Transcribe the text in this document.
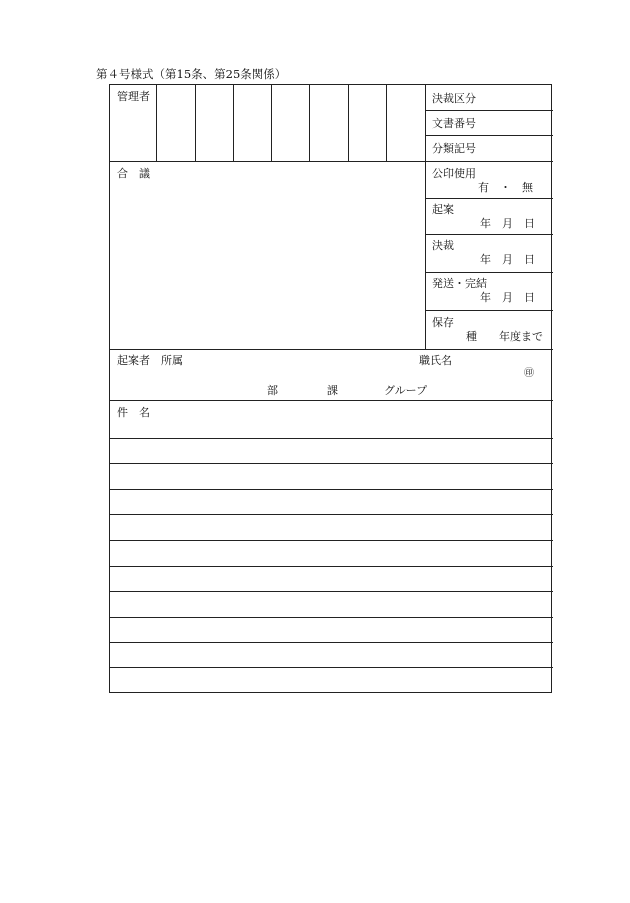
第４号様式（第15条、第25条関係）
管理者	決裁区分
文書番号
分類記号
合　議	公印使用
有　・　無
起案
年　月　日
決裁
年　月　日
発送・完結
年　月　日
保存
種　　年度まで
起案者 所属	職氏名
㊞
部	課	グループ
件　名
